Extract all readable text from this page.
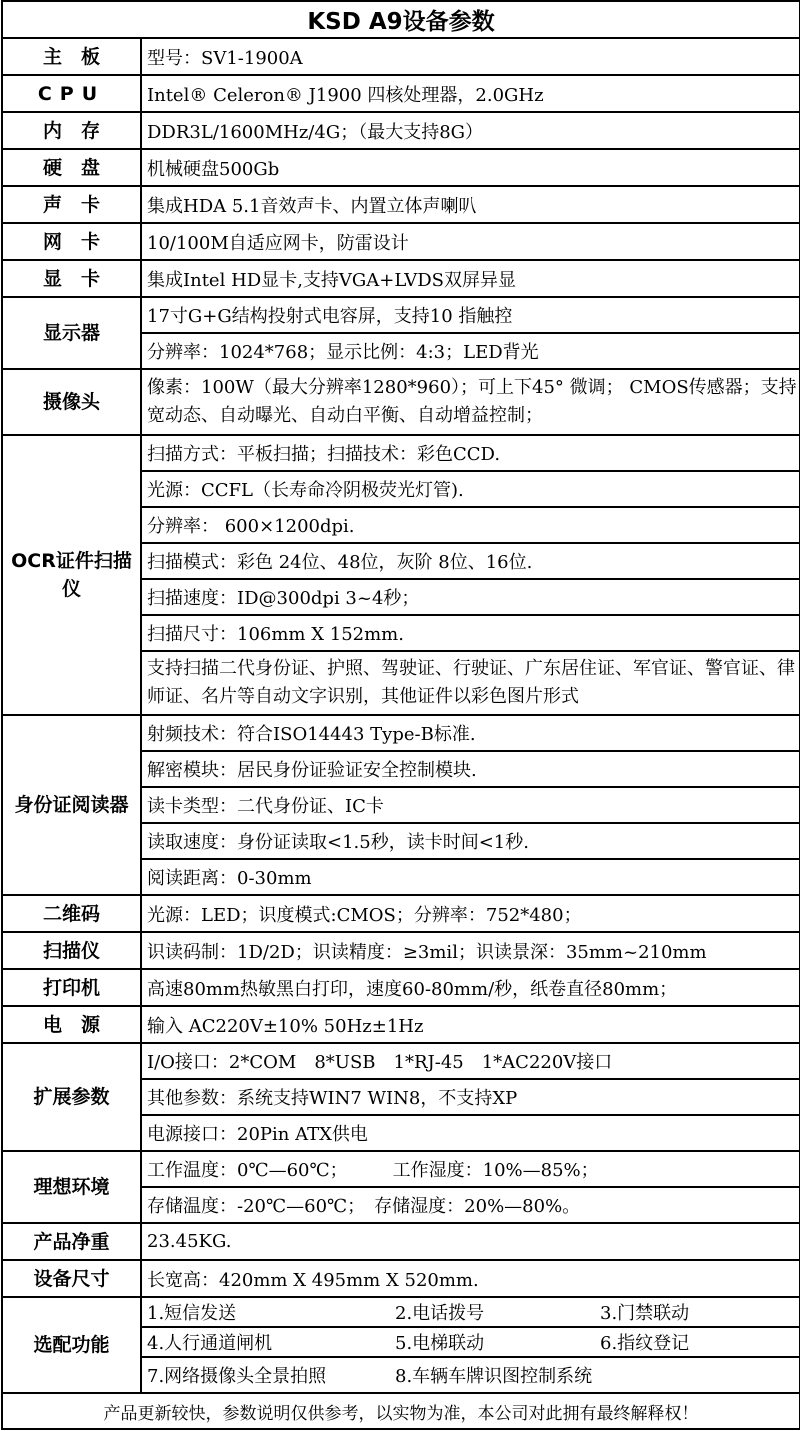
KSD A9设备参数	
主　板	型号：SV1-1900A
CPU	Intel® Celeron® J1900 四核处理器，2.0GHz
内　存	DDR3L/1600MHz/4G；（最大支持8G）
硬　盘	机械硬盘500Gb
声　卡	集成HDA 5.1音效声卡、内置立体声喇叭
网　卡	10/100M自适应网卡，防雷设计
显　卡	集成Intel HD显卡,支持VGA+LVDS双屏异显
显示器	17寸G+G结构投射式电容屏，支持10 指触控
	分辨率：1024*768；显示比例：4:3；LED背光
摄像头	像素：100W（最大分辨率1280*960）；可上下45° 微调； CMOS传感器；支持宽动态、自动曝光、自动白平衡、自动增益控制；
OCR证件扫描仪	扫描方式：平板扫描；扫描技术：彩色CCD.
	光源：CCFL（长寿命冷阴极荧光灯管).
	分辨率： 600×1200dpi.
	扫描模式：彩色 24位、48位，灰阶 8位、16位.
	扫描速度：ID@300dpi 3~4秒；
	扫描尺寸：106mm X 152mm.
	支持扫描二代身份证、护照、驾驶证、行驶证、广东居住证、军官证、警官证、律师证、名片等自动文字识别，其他证件以彩色图片形式
身份证阅读器	射频技术：符合ISO14443 Type-B标准.
	解密模块：居民身份证验证安全控制模块.
	读卡类型：二代身份证、IC卡
	读取速度：身份证读取<1.5秒，读卡时间<1秒.
	阅读距离：0-30mm
二维码	光源：LED；识度模式:CMOS；分辨率：752*480；
扫描仪	识读码制：1D/2D；识读精度：≥3mil；识读景深：35mm~210mm
打印机	高速80mm热敏黑白打印，速度60-80mm/秒，纸卷直径80mm；
电　源	输入 AC220V±10% 50Hz±1Hz
扩展参数	I/O接口：2*COM　8*USB　1*RJ-45　1*AC220V接口
	其他参数：系统支持WIN7 WIN8，不支持XP
	电源接口：20Pin ATX供电
理想环境	工作温度：0℃—60℃；　　　工作湿度：10%—85%；
	存储温度：-20℃—60℃；　存储湿度：20%—80%。
产品净重	23.45KG.
设备尺寸	长宽高：420mm X 495mm X 520mm.
选配功能	1.短信发送 2.电话拨号 3.门禁联动

	4.人行通道闸机 5.电梯联动 6.指纹登记

	7.网络摄像头全景拍照 8.车辆车牌识图控制系统

产品更新较快，参数说明仅供参考，以实物为准，本公司对此拥有最终解释权！	
